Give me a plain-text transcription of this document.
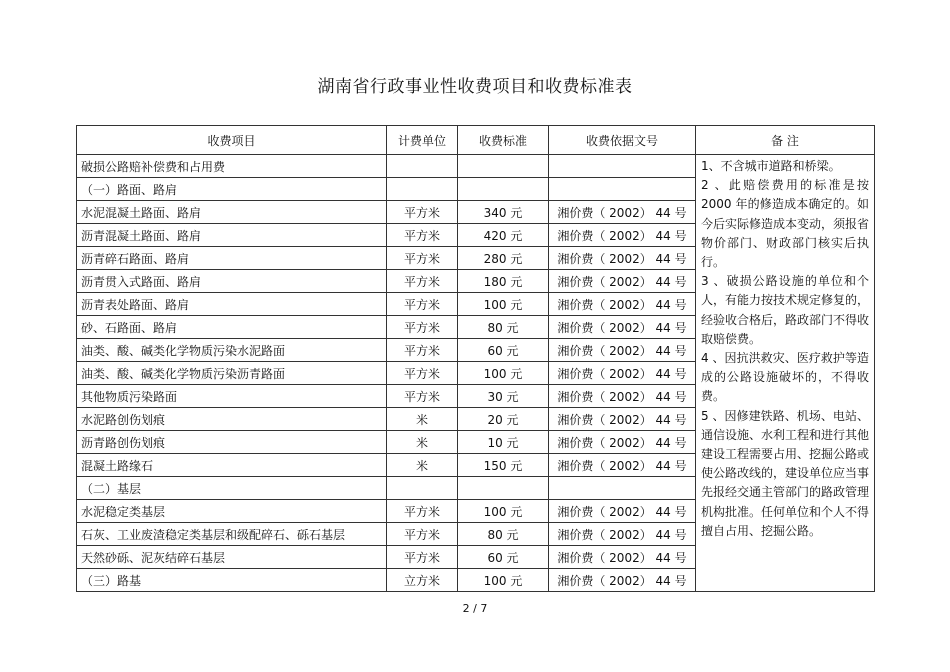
湖南省行政事业性收费项目和收费标准表
收费项目	计费单位	收费标准	收费依据文号	备 注
破损公路赔补偿费和占用费				1、不含城市道路和桥梁。

2 、此赔偿费用的标准是按 2000 年的修造成本确定的。如今后实际修造成本变动，须报省物价部门、财政部门核实后执行。

3 、破损公路设施的单位和个人，有能力按技术规定修复的，经验收合格后，路政部门不得收取赔偿费。

4 、因抗洪救灾、医疗救护等造成的公路设施破坏的，不得收费。

5 、因修建铁路、机场、电站、通信设施、水利工程和进行其他建设工程需要占用、挖掘公路或使公路改线的，建设单位应当事先报经交通主管部门的路政管理机构批准。任何单位和个人不得擅自占用、挖掘公路。

（一）路面、路肩				
水泥混凝土路面、路肩	平方米	340 元	湘价费（ 2002） 44 号	
沥青混凝土路面、路肩	平方米	420 元	湘价费（ 2002） 44 号	
沥青碎石路面、路肩	平方米	280 元	湘价费（ 2002） 44 号	
沥青贯入式路面、路肩	平方米	180 元	湘价费（ 2002） 44 号	
沥青表处路面、路肩	平方米	100 元	湘价费（ 2002） 44 号	
砂、石路面、路肩	平方米	80 元	湘价费（ 2002） 44 号	
油类、酸、碱类化学物质污染水泥路面	平方米	60 元	湘价费（ 2002） 44 号	
油类、酸、碱类化学物质污染沥青路面	平方米	100 元	湘价费（ 2002） 44 号	
其他物质污染路面	平方米	30 元	湘价费（ 2002） 44 号	
水泥路创伤划痕	米	20 元	湘价费（ 2002） 44 号	
沥青路创伤划痕	米	10 元	湘价费（ 2002） 44 号	
混凝土路缘石	米	150 元	湘价费（ 2002） 44 号	
（二）基层				
水泥稳定类基层	平方米	100 元	湘价费（ 2002） 44 号	
石灰、工业废渣稳定类基层和级配碎石、砾石基层	平方米	80 元	湘价费（ 2002） 44 号	
天然砂砾、泥灰结碎石基层	平方米	60 元	湘价费（ 2002） 44 号	
（三）路基	立方米	100 元	湘价费（ 2002） 44 号	
2 / 7
